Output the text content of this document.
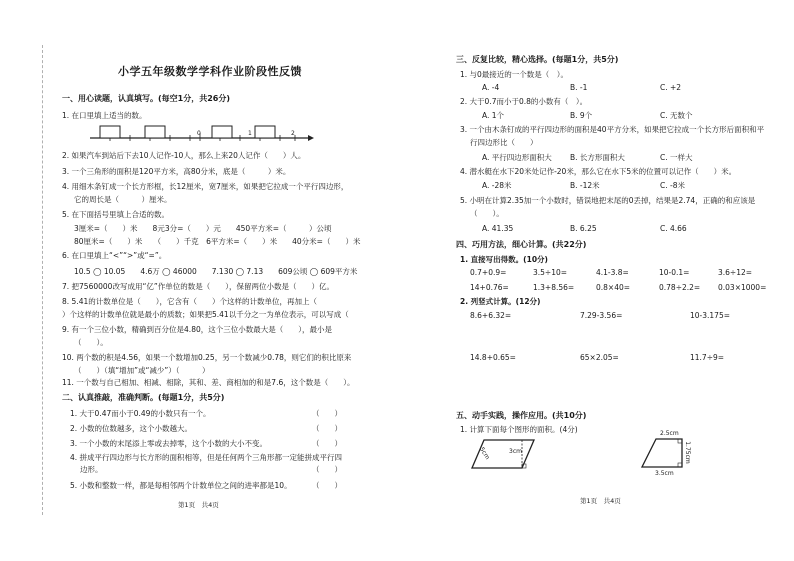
小学五年级数学学科作业阶段性反馈
一、用心读题，认真填写。(每空1分，共26分)
1. 在口里填上适当的数。
0	1	2
2. 如果汽车到站后下去10人记作-10人，那么上来20人记作（　　）人。
3. 一个三角形的面积是120平方米，高80分米，底是（　　　）米。
4. 用细木条钉成一个长方形框，长12厘米，宽7厘米，如果把它拉成一个平行四边形，
它的周长是（　　　）厘米。
5. 在下面括号里填上合适的数。
3厘米=（　　）米　　8元3分=（　　）元　　450平方米=（　　　）公顷
80厘米=（　　）米　　（　　）千克　6平方米=（　　）米　　40分米=（　　）米
6. 在口里填上“<”“>”或“=”。
10.5 ◯ 10.05　　4.6万 ◯ 46000　　7.130 ◯ 7.13　　609公顷 ◯ 609平方米
7. 把7560000改写成用“亿”作单位的数是（　　），保留两位小数是（　　）亿。
8. 5.41的计数单位是（　　），它含有（　　）个这样的计数单位，再加上（
）个这样的计数单位就是最小的质数；如果把5.41以千分之一为单位表示，可以写成（
9. 有一个三位小数，精确到百分位是4.80，这个三位小数最大是（　　），最小是
（　　）。
10. 两个数的积是4.56，如果一个数增加0.25，另一个数减少0.78，则它们的积比原来
（　　）（填“增加”或“减少”）（　　　）
11. 一个数与自己相加、相减、相除，其和、差、商相加的和是7.6，这个数是（　　）。
二、认真推敲，准确判断。(每题1分，共5分)
1. 大于0.47而小于0.49的小数只有一个。	（　　）
2. 小数的位数越多，这个小数越大。	（　　）
3. 一个小数的末尾添上零或去掉零，这个小数的大小不变。	（　　）
4. 拼成平行四边形与长方形的面积相等，但是任何两个三角形都一定能拼成平行四
边形。	（　　）
5. 小数和整数一样，都是每相邻两个计数单位之间的进率都是10。	（　　）
第1页　共4页
三、反复比较，精心选择。(每题1分，共5分)
1. 与0最接近的一个数是（　）。
A. -4	B. -1	C. +2
2. 大于0.7而小于0.8的小数有（　）。
A. 1个	B. 9个	C. 无数个
3. 一个由木条钉成的平行四边形的面积是40平方分米，如果把它拉成一个长方形后面积和平
行四边形比（　　）
A. 平行四边形面积大 B. 长方形面积大	C. 一样大
4. 潜水艇在水下20米处记作-20米，那么它在水下5米的位置可以记作（　　）米。
A. -28米	B. -12米	C. -8米
5. 小明在计算2.35加一个小数时，错误地把末尾的0丢掉，结果是2.74，正确的和应该是
（　　）。
A. 41.35	B. 6.25	C. 4.66
四、巧用方法，细心计算。(共22分)
1. 直接写出得数。(10分)
0.7+0.9=	3.5÷10=	4.1-3.8=	10-0.1=	3.6÷12=
14+0.76=	1.3+8.56=	0.8×40=	0.78÷2.2= 0.03×1000=
2. 列竖式计算。(12分)
8.6+6.32=	7.29-3.56=	10-3.175=
14.8+0.65=	65×2.05=	11.7÷9=
五、动手实践，操作应用。(共10分)
1. 计算下面每个图形的面积。(4分)
5cm	3cm
2.5cm
1.75cm
3.5cm
第1页　共4页
